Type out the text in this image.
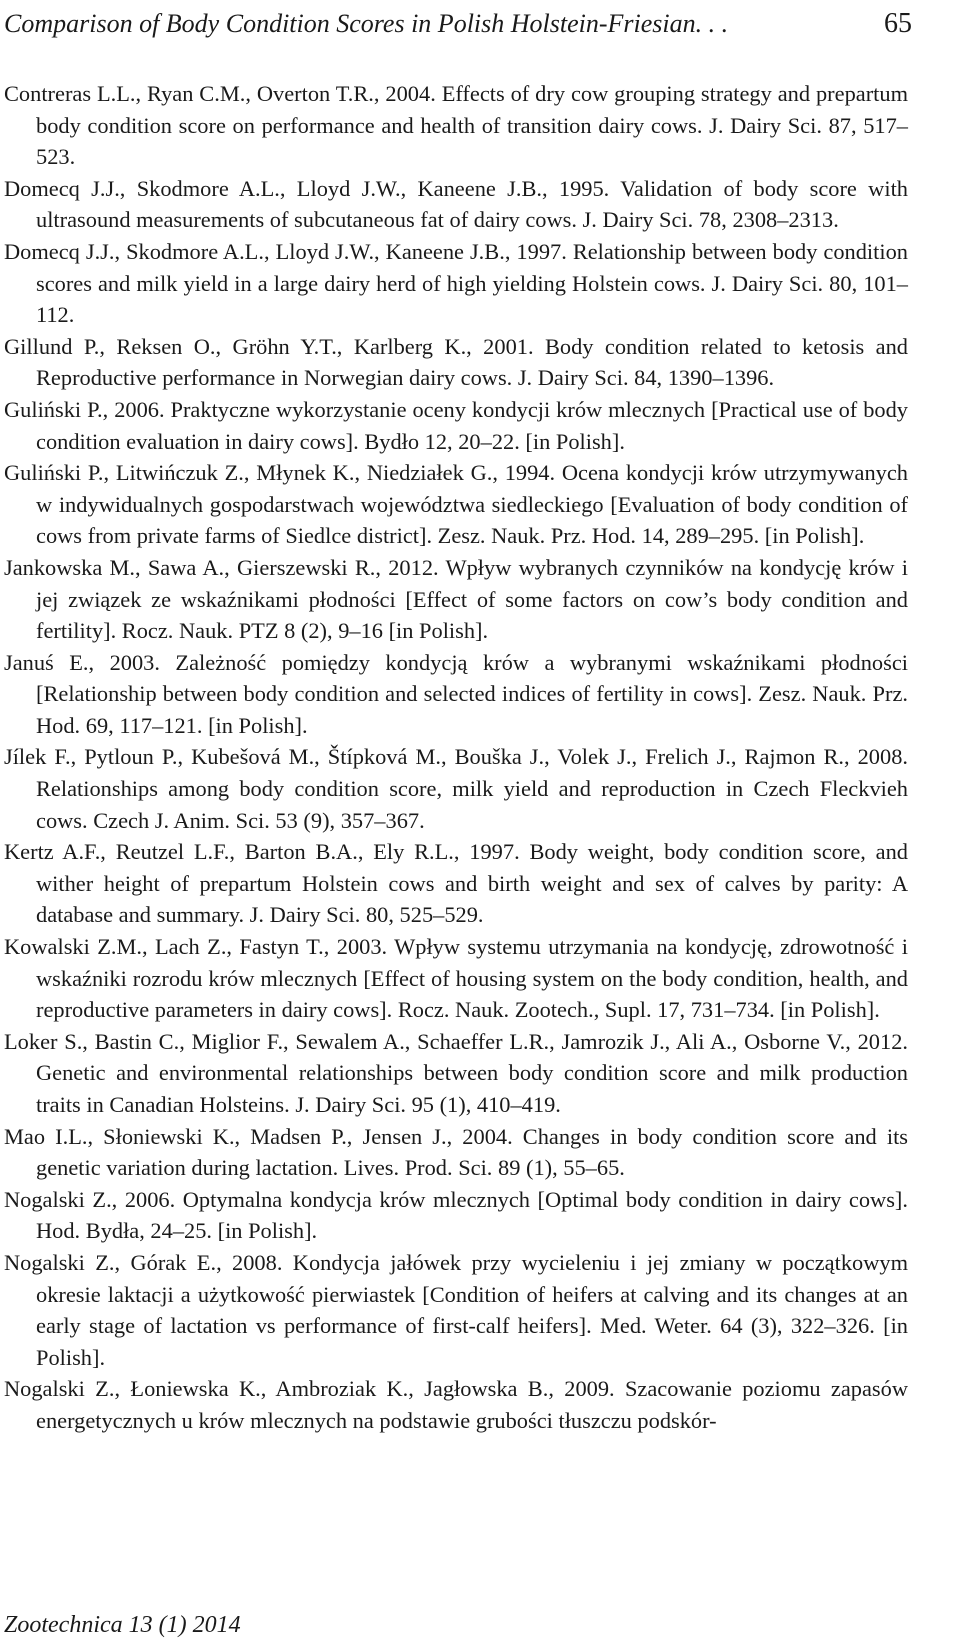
Comparison of Body Condition Scores in Polish Holstein-Friesian. . .	65
Contreras L.L., Ryan C.M., Overton T.R., 2004. Effects of dry cow grouping strategy and prepartum body condition score on performance and health of transition dairy cows. J. Dairy Sci. 87, 517–523.
Domecq J.J., Skodmore A.L., Lloyd J.W., Kaneene J.B., 1995. Validation of body score with ultrasound measurements of subcutaneous fat of dairy cows. J. Dairy Sci. 78, 2308–2313.
Domecq J.J., Skodmore A.L., Lloyd J.W., Kaneene J.B., 1997. Relationship between body condition scores and milk yield in a large dairy herd of high yielding Holstein cows. J. Dairy Sci. 80, 101–112.
Gillund P., Reksen O., Gröhn Y.T., Karlberg K., 2001. Body condition related to ketosis and Reproductive performance in Norwegian dairy cows. J. Dairy Sci. 84, 1390–1396.
Guliński P., 2006. Praktyczne wykorzystanie oceny kondycji krów mlecznych [Practical use of body condition evaluation in dairy cows]. Bydło 12, 20–22. [in Polish].
Guliński P., Litwińczuk Z., Młynek K., Niedziałek G., 1994. Ocena kondycji krów utrzymywanych w indywidualnych gospodarstwach województwa siedleckiego [Evaluation of body condition of cows from private farms of Siedlce district]. Zesz. Nauk. Prz. Hod. 14, 289–295. [in Polish].
Jankowska M., Sawa A., Gierszewski R., 2012. Wpływ wybranych czynników na kondycję krów i jej związek ze wskaźnikami płodności [Effect of some factors on cow’s body condition and fertility]. Rocz. Nauk. PTZ 8 (2), 9–16 [in Polish].
Januś E., 2003. Zależność pomiędzy kondycją krów a wybranymi wskaźnikami płodności [Relationship between body condition and selected indices of fertility in cows]. Zesz. Nauk. Prz. Hod. 69, 117–121. [in Polish].
Jílek F., Pytloun P., Kubešová M., Štípková M., Bouška J., Volek J., Frelich J., Rajmon R., 2008. Relationships among body condition score, milk yield and reproduction in Czech Fleckvieh cows. Czech J. Anim. Sci. 53 (9), 357–367.
Kertz A.F., Reutzel L.F., Barton B.A., Ely R.L., 1997. Body weight, body condition score, and wither height of prepartum Holstein cows and birth weight and sex of calves by parity: A database and summary. J. Dairy Sci. 80, 525–529.
Kowalski Z.M., Lach Z., Fastyn T., 2003. Wpływ systemu utrzymania na kondycję, zdrowotność i wskaźniki rozrodu krów mlecznych [Effect of housing system on the body condition, health, and reproductive parameters in dairy cows]. Rocz. Nauk. Zootech., Supl. 17, 731–734. [in Polish].
Loker S., Bastin C., Miglior F., Sewalem A., Schaeffer L.R., Jamrozik J., Ali A., Osborne V., 2012. Genetic and environmental relationships between body condition score and milk production traits in Canadian Holsteins. J. Dairy Sci. 95 (1), 410–419.
Mao I.L., Słoniewski K., Madsen P., Jensen J., 2004. Changes in body condition score and its genetic variation during lactation. Lives. Prod. Sci. 89 (1), 55–65.
Nogalski Z., 2006. Optymalna kondycja krów mlecznych [Optimal body condition in dairy cows]. Hod. Bydła, 24–25. [in Polish].
Nogalski Z., Górak E., 2008. Kondycja jałówek przy wycieleniu i jej zmiany w początkowym okresie laktacji a użytkowość pierwiastek [Condition of heifers at calving and its changes at an early stage of lactation vs performance of first-calf heifers]. Med. Weter. 64 (3), 322–326. [in Polish].
Nogalski Z., Łoniewska K., Ambroziak K., Jagłowska B., 2009. Szacowanie poziomu zapasów energetycznych u krów mlecznych na podstawie grubości tłuszczu podskór-
Zootechnica 13 (1) 2014
